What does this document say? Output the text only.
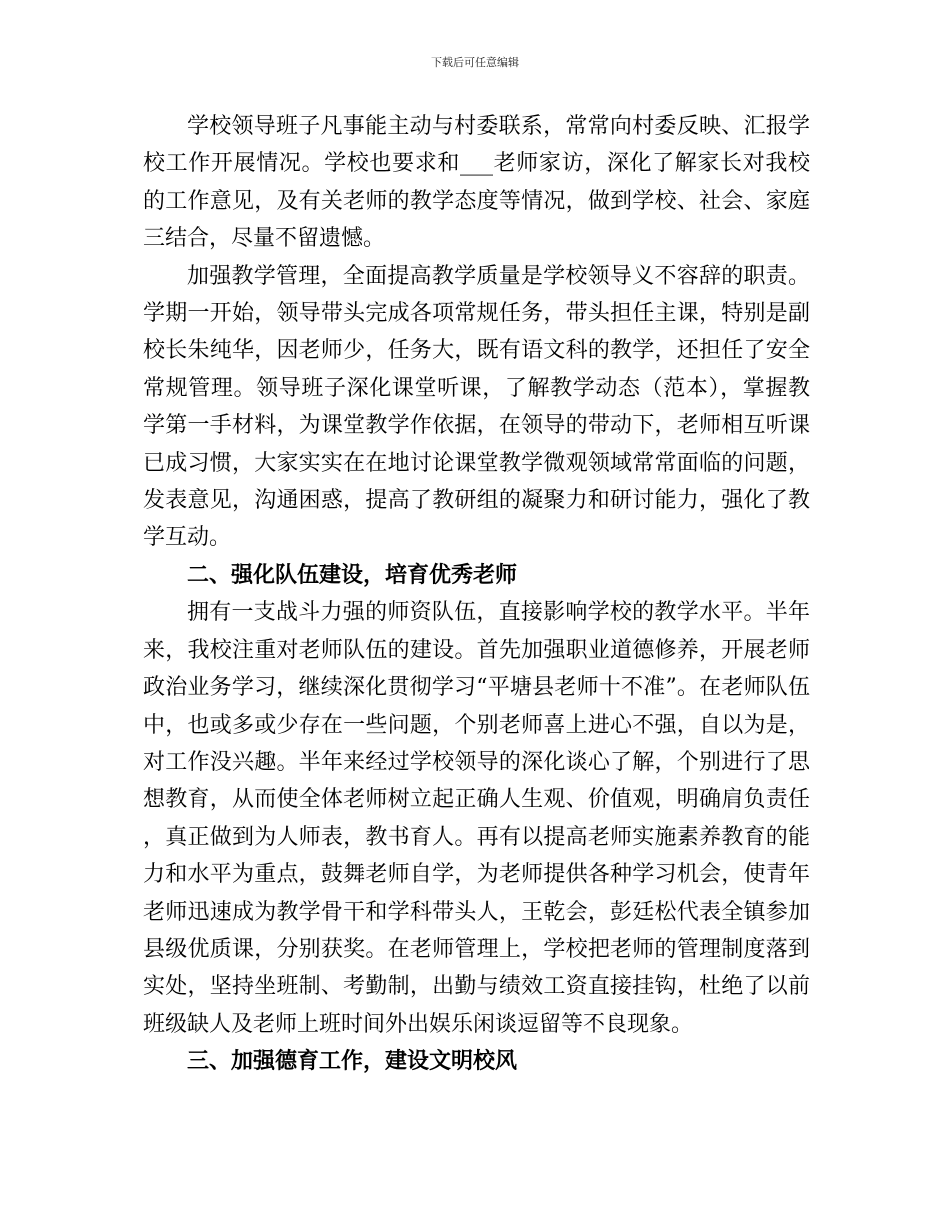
下载后可任意编辑

学校领导班子凡事能主动与村委联系，常常向村委反映、汇报学校工作开展情况。学校也要求和___老师家访，深化了解家长对我校的工作意见，及有关老师的教学态度等情况，做到学校、社会、家庭三结合，尽量不留遗憾。

加强教学管理，全面提高教学质量是学校领导义不容辞的职责。学期一开始，领导带头完成各项常规任务，带头担任主课，特别是副校长朱纯华，因老师少，任务大，既有语文科的教学，还担任了安全常规管理。领导班子深化课堂听课，了解教学动态（范本），掌握教学第一手材料，为课堂教学作依据，在领导的带动下，老师相互听课已成习惯，大家实实在在地讨论课堂教学微观领域常常面临的问题，发表意见，沟通困惑，提高了教研组的凝聚力和研讨能力，强化了教学互动。

二、强化队伍建设，培育优秀老师

拥有一支战斗力强的师资队伍，直接影响学校的教学水平。半年来，我校注重对老师队伍的建设。首先加强职业道德修养，开展老师政治业务学习，继续深化贯彻学习“平塘县老师十不准”。在老师队伍中，也或多或少存在一些问题，个别老师喜上进心不强，自以为是，对工作没兴趣。半年来经过学校领导的深化谈心了解，个别进行了思想教育，从而使全体老师树立起正确人生观、价值观，明确肩负责任，真正做到为人师表，教书育人。再有以提高老师实施素养教育的能力和水平为重点，鼓舞老师自学，为老师提供各种学习机会，使青年老师迅速成为教学骨干和学科带头人，王乾会，彭廷松代表全镇参加县级优质课，分别获奖。在老师管理上，学校把老师的管理制度落到实处，坚持坐班制、考勤制，出勤与绩效工资直接挂钩，杜绝了以前班级缺人及老师上班时间外出娱乐闲谈逗留等不良现象。

三、加强德育工作，建设文明校风
